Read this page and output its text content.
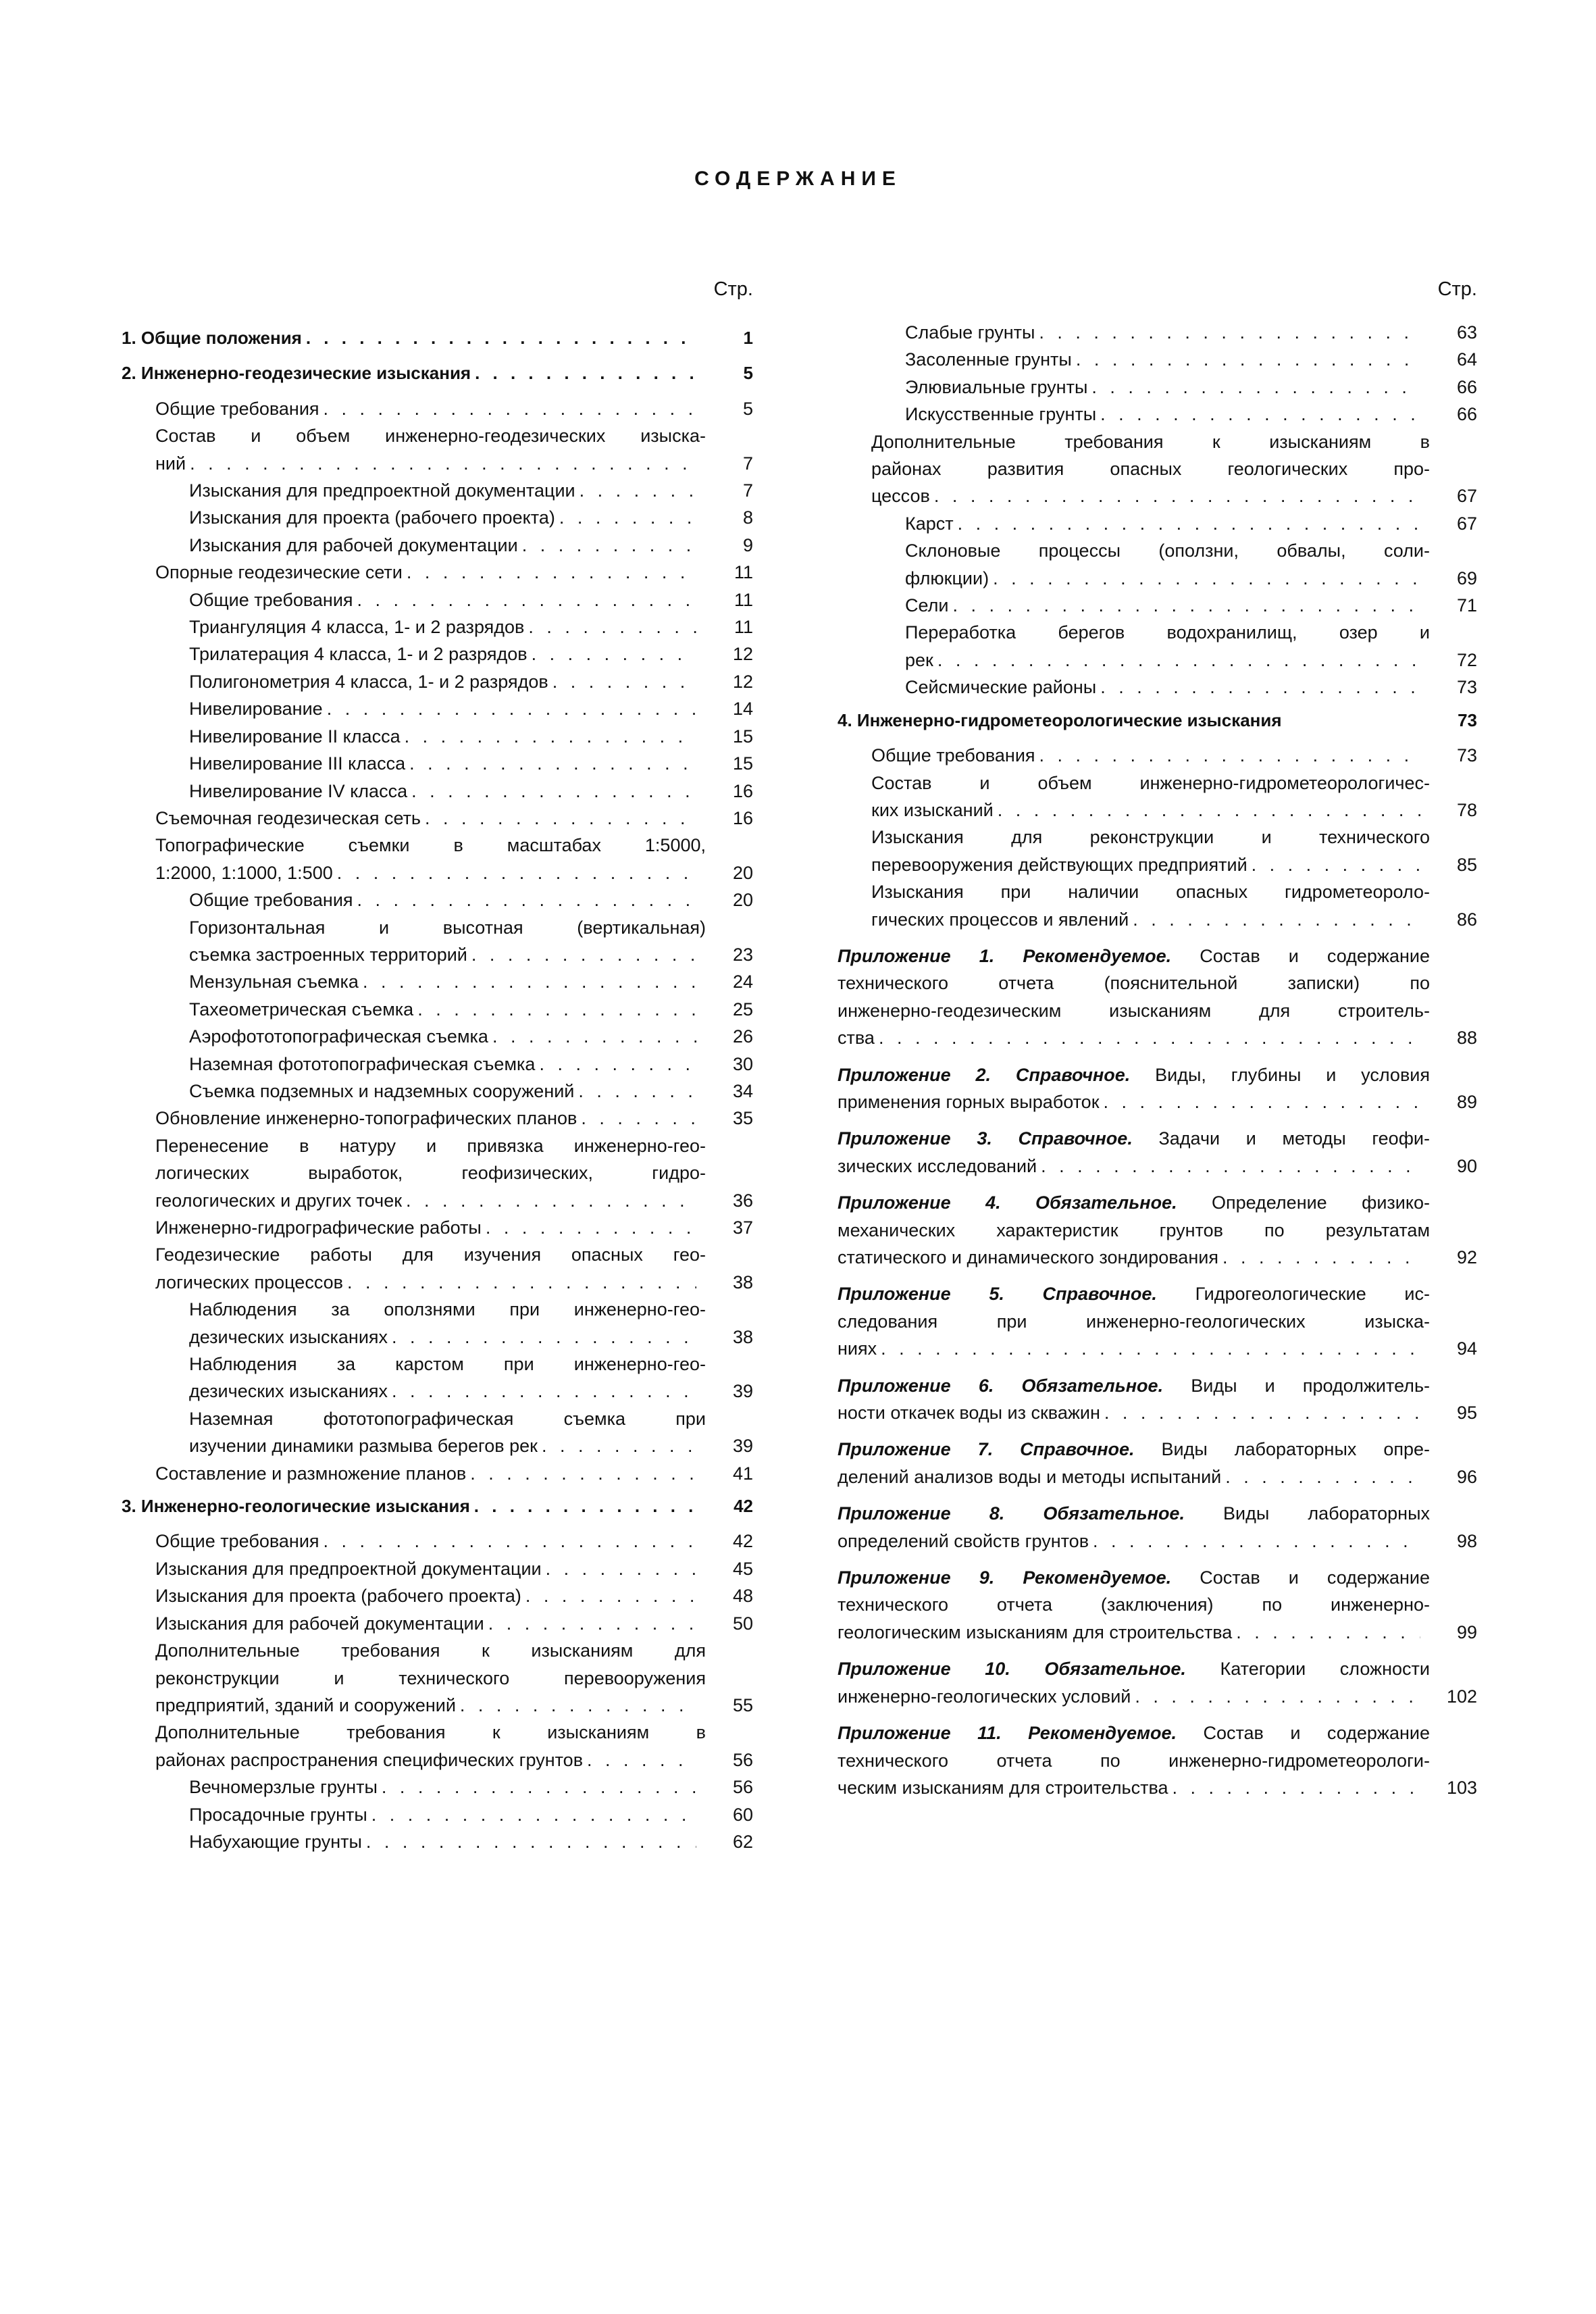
СОДЕРЖАНИЕ
Стр.
1. Общие положения . . .	1
2. Инженерно-геодезические изыскания . . .	5
Общие требования . . .	5
Состав и объем инженерно-геодезических изыска-
ний . . .	7
Изыскания для предпроектной документации . . .	7
Изыскания для проекта (рабочего проекта) . . .	8
Изыскания для рабочей документации . . .	9
Опорные геодезические сети . . .	11
Общие требования . . .	11
Триангуляция 4 класса, 1- и 2 разрядов . . .	11
Трилатерация 4 класса, 1- и 2 разрядов . . .	12
Полигонометрия 4 класса, 1- и 2 разрядов . . .	12
Нивелирование . . .	14
Нивелирование II класса . . .	15
Нивелирование III класса . . .	15
Нивелирование IV класса . . .	16
Съемочная геодезическая сеть . . .	16
Топографические съемки в масштабах 1:5000,
1:2000, 1:1000, 1:500 . . .	20
Общие требования . . .	20
Горизонтальная и высотная (вертикальная)
съемка застроенных территорий . . .	23
Мензульная съемка . . .	24
Тахеометрическая съемка . . .	25
Аэрофототопографическая съемка . . .	26
Наземная фототопографическая съемка . . .	30
Съемка подземных и надземных сооружений . . .	34
Обновление инженерно-топографических планов . . .	35
Перенесение в натуру и привязка инженерно-гео-
логических выработок, геофизических, гидро-
геологических и других точек . . .	36
Инженерно-гидрографические работы . . .	37
Геодезические работы для изучения опасных гео-
логических процессов . . .	38
Наблюдения за оползнями при инженерно-гео-
дезических изысканиях . . .	38
Наблюдения за карстом при инженерно-гео-
дезических изысканиях . . .	39
Наземная фототопографическая съемка при
изучении динамики размыва берегов рек . . .	39
Составление и размножение планов . . .	41
3. Инженерно-геологические изыскания . . .	42
Общие требования . . .	42
Изыскания для предпроектной документации . . .	45
Изыскания для проекта (рабочего проекта) . . .	48
Изыскания для рабочей документации . . .	50
Дополнительные требования к изысканиям для
реконструкции и технического перевооружения
предприятий, зданий и сооружений . . .	55
Дополнительные требования к изысканиям в
районах распространения специфических грунтов . . .	56
Вечномерзлые грунты . . .	56
Просадочные грунты . . .	60
Набухающие грунты . . .	62
Стр.
Слабые грунты . . .	63
Засоленные грунты . . .	64
Элювиальные грунты . . .	66
Искусственные грунты . . .	66
Дополнительные требования к изысканиям в
районах развития опасных геологических про-
цессов . . .	67
Карст . . .	67
Склоновые процессы (оползни, обвалы, соли-
флюкции) . . .	69
Сели . . .	71
Переработка берегов водохранилищ, озер и
рек . . .	72
Сейсмические районы . . .	73
4. Инженерно-гидрометеорологические изыскания	73
Общие требования . . .	73
Состав и объем инженерно-гидрометеорологичес-
ких изысканий . . .	78
Изыскания для реконструкции и технического
перевооружения действующих предприятий . . .	85
Изыскания при наличии опасных гидрометеороло-
гических процессов и явлений . . .	86
Приложение 1. Рекомендуемое. Состав и содержание
технического отчета (пояснительной записки) по
инженерно-геодезическим изысканиям для строитель-
ства . . .	88
Приложение 2. Справочное. Виды, глубины и условия
применения горных выработок . . .	89
Приложение 3. Справочное. Задачи и методы геофи-
зических исследований . . .	90
Приложение 4. Обязательное. Определение физико-
механических характеристик грунтов по результатам
статического и динамического зондирования . . .	92
Приложение 5. Справочное. Гидрогеологические ис-
следования при инженерно-геологических изыска-
ниях . . .	94
Приложение 6. Обязательное. Виды и продолжитель-
ности откачек воды из скважин . . .	95
Приложение 7. Справочное. Виды лабораторных опре-
делений анализов воды и методы испытаний . . .	96
Приложение 8. Обязательное. Виды лабораторных
определений свойств грунтов . . .	98
Приложение 9. Рекомендуемое. Состав и содержание
технического отчета (заключения) по инженерно-
геологическим изысканиям для строительства . . .	99
Приложение 10. Обязательное. Категории сложности
инженерно-геологических условий . . .	102
Приложение 11. Рекомендуемое. Состав и содержание
технического отчета по инженерно-гидрометеорологи-
ческим изысканиям для строительства . . .	103
